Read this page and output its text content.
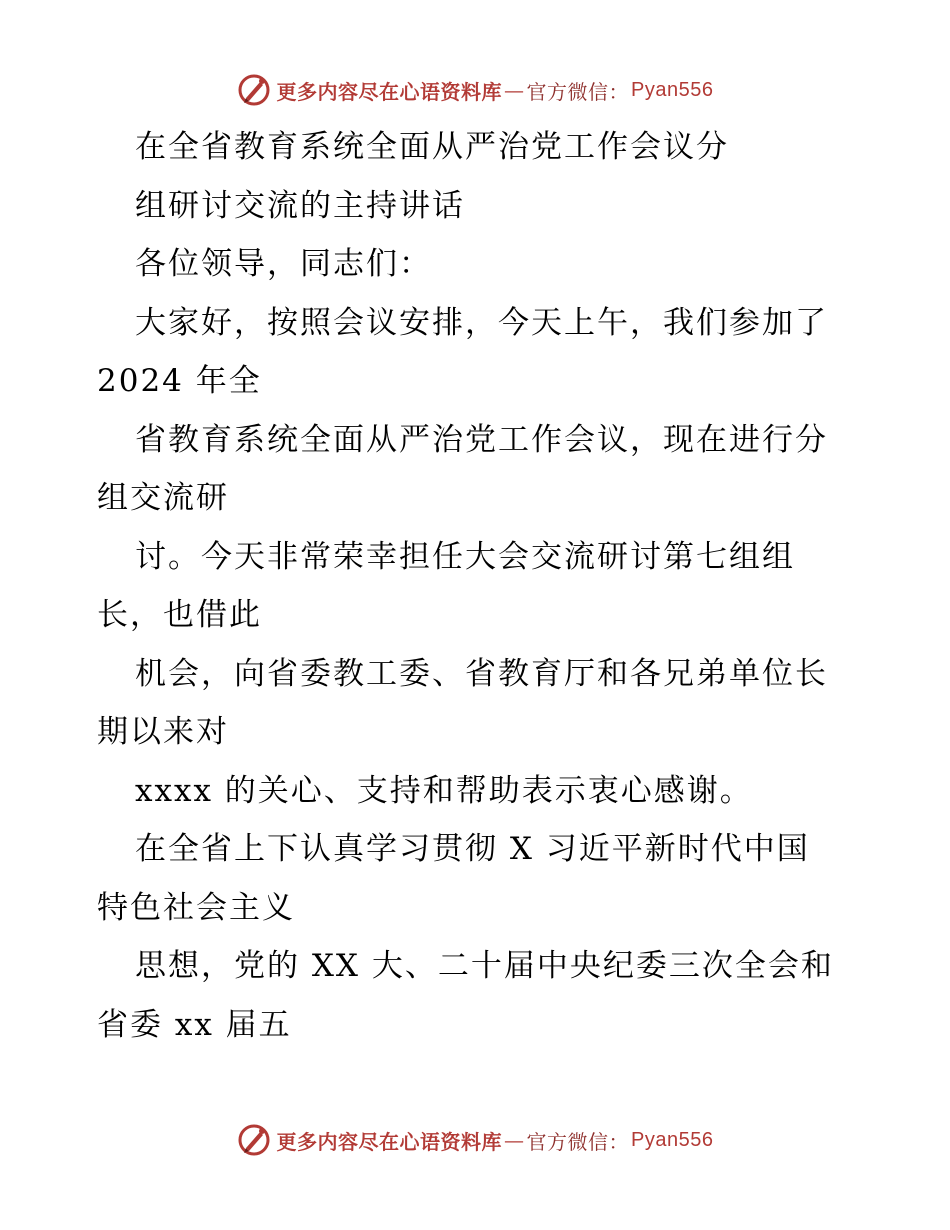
更多内容尽在心语资料库 — 官方微信： Pyan556
在全省教育系统全面从严治党工作会议分
组研讨交流的主持讲话
各位领导，同志们：
大家好，按照会议安排，今天上午，我们参加了
2024 年全
省教育系统全面从严治党工作会议，现在进行分
组交流研
讨。今天非常荣幸担任大会交流研讨第七组组
长，也借此
机会，向省委教工委、省教育厅和各兄弟单位长
期以来对
xxxx 的关心、支持和帮助表示衷心感谢。
在全省上下认真学习贯彻 X 习近平新时代中国
特色社会主义
思想，党的 XX 大、二十届中央纪委三次全会和
省委 xx 届五
更多内容尽在心语资料库 — 官方微信： Pyan556
